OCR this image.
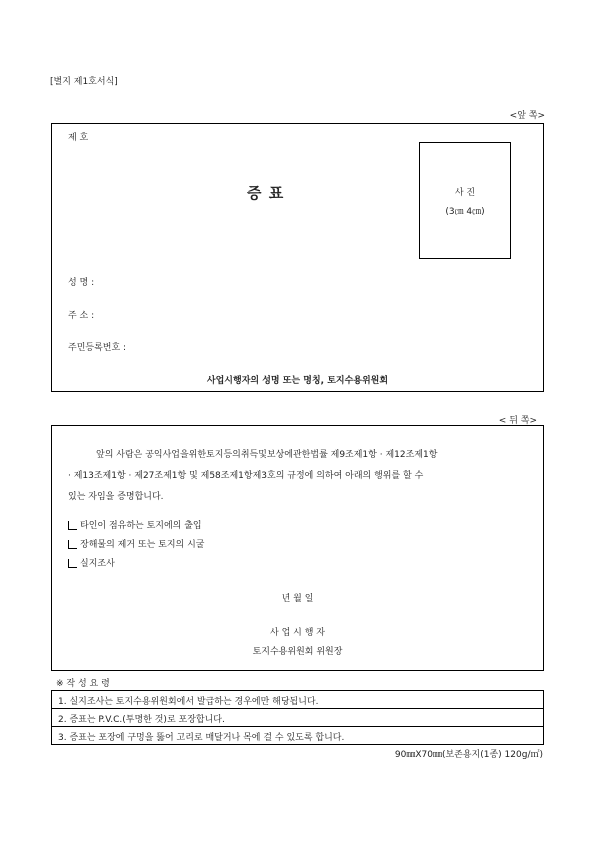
[별지 제1호서식]
<앞 쪽>
제 호
증 표	사 진
(3㎝ 4㎝)
성 명 :
주 소 :
주민등록번호 :
사업시행자의 성명 또는 명칭, 토지수용위원회
< 뒤 쪽>
앞의 사람은 공익사업을위한토지등의취득및보상에관한법률 제9조제1항 · 제12조제1항
· 제13조제1항 · 제27조제1항 및 제58조제1항제3호의 규정에 의하여 아래의 행위를 할 수
있는 자임을 증명합니다.
타인이 점유하는 토지에의 출입
장해물의 제거 또는 토지의 시굴
실지조사
년 월 일
사 업 시 행 자
토지수용위원회 위원장
※ 작 성 요 령
1. 실지조사는 토지수용위원회에서 발급하는 경우에만 해당됩니다.
2. 증표는 P.V.C.(투명한 것)로 포장합니다.
3. 증표는 포장에 구멍을 뚫어 고리로 매달거나 목에 걸 수 있도록 합니다.
90㎜X70㎜(보존용지(1종) 120g/㎡)
